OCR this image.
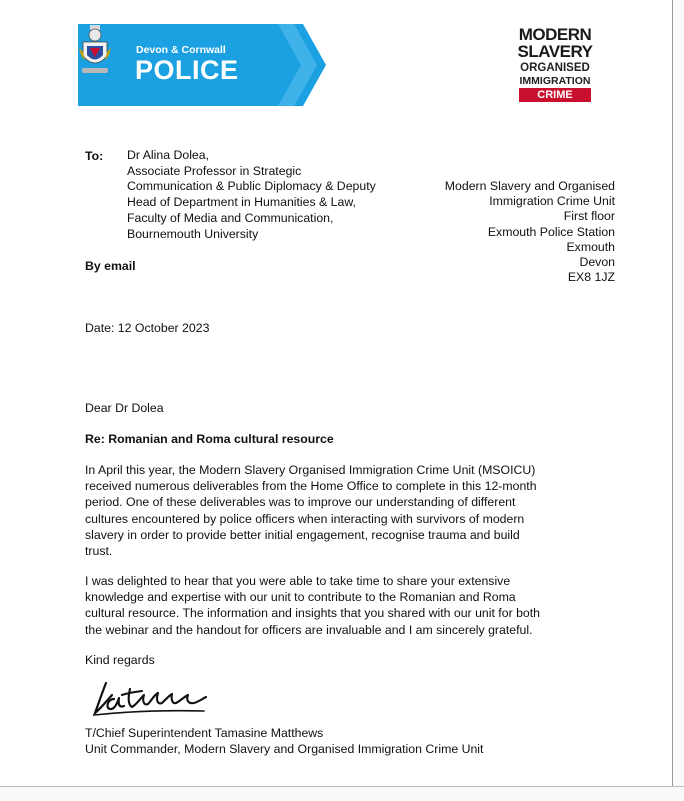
Devon & Cornwall
POLICE
MODERN
SLAVERY
ORGANISED
IMMIGRATION
CRIME
To: Dr Alina Dolea,
Associate Professor in Strategic
Communication & Public Diplomacy & Deputy
Head of Department in Humanities & Law,
Faculty of Media and Communication,
Bournemouth University
By email
Modern Slavery and Organised
Immigration Crime Unit
First floor
Exmouth Police Station
Exmouth
Devon
EX8 1JZ
Date: 12 October 2023
Dear Dr Dolea
Re: Romanian and Roma cultural resource
In April this year, the Modern Slavery Organised Immigration Crime Unit (MSOICU)
received numerous deliverables from the Home Office to complete in this 12-month
period. One of these deliverables was to improve our understanding of different
cultures encountered by police officers when interacting with survivors of modern
slavery in order to provide better initial engagement, recognise trauma and build
trust.
I was delighted to hear that you were able to take time to share your extensive
knowledge and expertise with our unit to contribute to the Romanian and Roma
cultural resource. The information and insights that you shared with our unit for both
the webinar and the handout for officers are invaluable and I am sincerely grateful.
Kind regards
T/Chief Superintendent Tamasine Matthews
Unit Commander, Modern Slavery and Organised Immigration Crime Unit
